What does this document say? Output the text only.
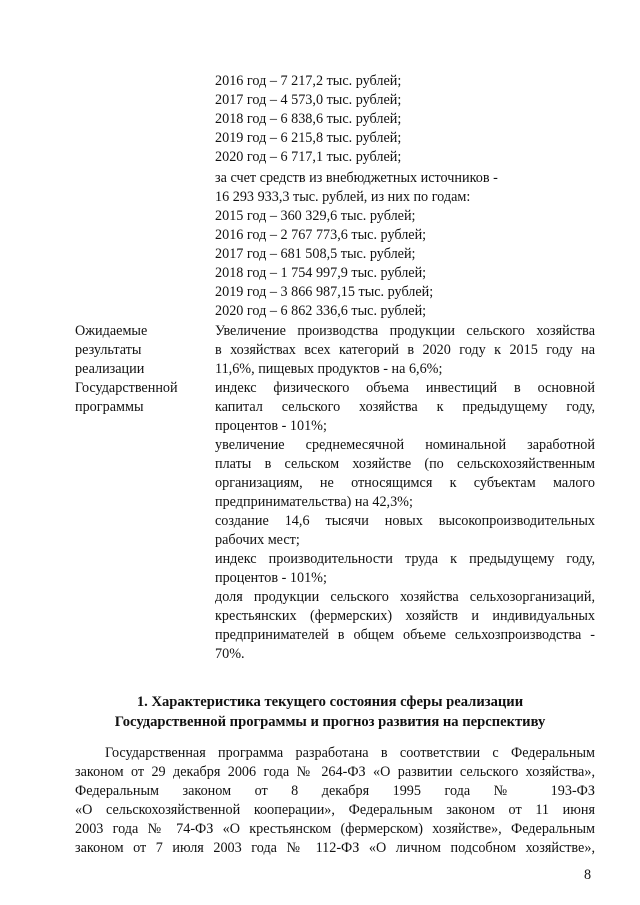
2016 год – 7 217,2 тыс. рублей;
2017 год – 4 573,0 тыс. рублей;
2018 год – 6 838,6 тыс. рублей;
2019 год – 6 215,8 тыс. рублей;
2020 год – 6 717,1 тыс. рублей;
за счет средств из внебюджетных источников -
16 293 933,3 тыс. рублей, из них по годам:
2015 год – 360 329,6 тыс. рублей;
2016 год – 2 767 773,6 тыс. рублей;
2017 год – 681 508,5 тыс. рублей;
2018 год – 1 754 997,9 тыс. рублей;
2019 год – 3 866 987,15 тыс. рублей;
2020 год – 6 862 336,6 тыс. рублей;
Ожидаемые
результаты
реализации
Государственной
программы
Увеличение производства продукции сельского хозяйства
в хозяйствах всех категорий в 2020 году к 2015 году на
11,6%, пищевых продуктов - на 6,6%;
индекс физического объема инвестиций в основной
капитал сельского хозяйства к предыдущему году,
процентов - 101%;
увеличение среднемесячной номинальной заработной
платы в сельском хозяйстве (по сельскохозяйственным
организациям, не относящимся к субъектам малого
предпринимательства) на 42,3%;
создание 14,6 тысячи новых высокопроизводительных
рабочих мест;
индекс производительности труда к предыдущему году,
процентов - 101%;
доля продукции сельского хозяйства сельхозорганизаций,
крестьянских (фермерских) хозяйств и индивидуальных
предпринимателей в общем объеме сельхозпроизводства -
70%.
1. Характеристика текущего состояния сферы реализации
Государственной программы и прогноз развития на перспективу
Государственная программа разработана в соответствии с Федеральным
законом от 29 декабря 2006 года № 264-ФЗ «О развитии сельского хозяйства»,
Федеральным законом от 8 декабря 1995 года № 193-ФЗ
«О сельскохозяйственной кооперации», Федеральным законом от 11 июня
2003 года № 74-ФЗ «О крестьянском (фермерском) хозяйстве», Федеральным
законом от 7 июля 2003 года № 112-ФЗ «О личном подсобном хозяйстве»,
8
